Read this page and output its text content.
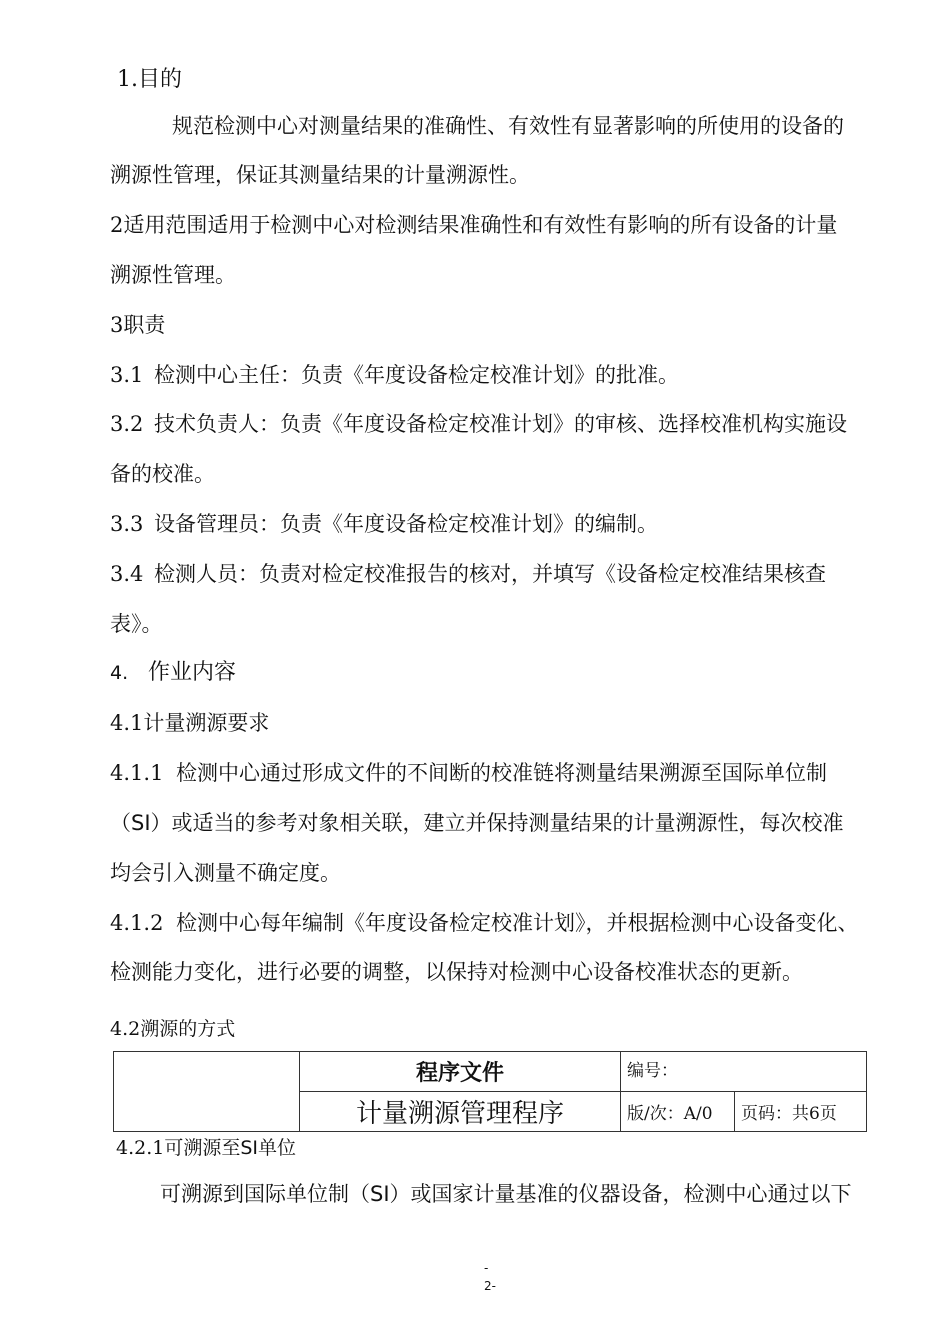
1.目的
规范检测中心对测量结果的准确性、有效性有显著影响的所使用的设备的
溯源性管理，保证其测量结果的计量溯源性。
2适用范围适用于检测中心对检测结果准确性和有效性有影响的所有设备的计量
溯源性管理。
3职责
3.1 检测中心主任：负责《年度设备检定校准计划》的批准。
3.2 技术负责人：负责《年度设备检定校准计划》的审核、选择校准机构实施设
备的校准。
3.3 设备管理员：负责《年度设备检定校准计划》的编制。
3.4 检测人员：负责对检定校准报告的核对，并填写《设备检定校准结果核查
表》。
4. 作业内容
4.1计量溯源要求
4.1.1 检测中心通过形成文件的不间断的校准链将测量结果溯源至国际单位制
（SI）或适当的参考对象相关联，建立并保持测量结果的计量溯源性，每次校准
均会引入测量不确定度。
4.1.2 检测中心每年编制《年度设备检定校准计划》，并根据检测中心设备变化、
检测能力变化，进行必要的调整，以保持对检测中心设备校准状态的更新。
4.2溯源的方式
	程序文件	编号：	
	计量溯源管理程序	版/次：A/0	页码：共6页
4.2.1可溯源至SI单位
可溯源到国际单位制（SI）或国家计量基准的仪器设备，检测中心通过以下
-
2-
